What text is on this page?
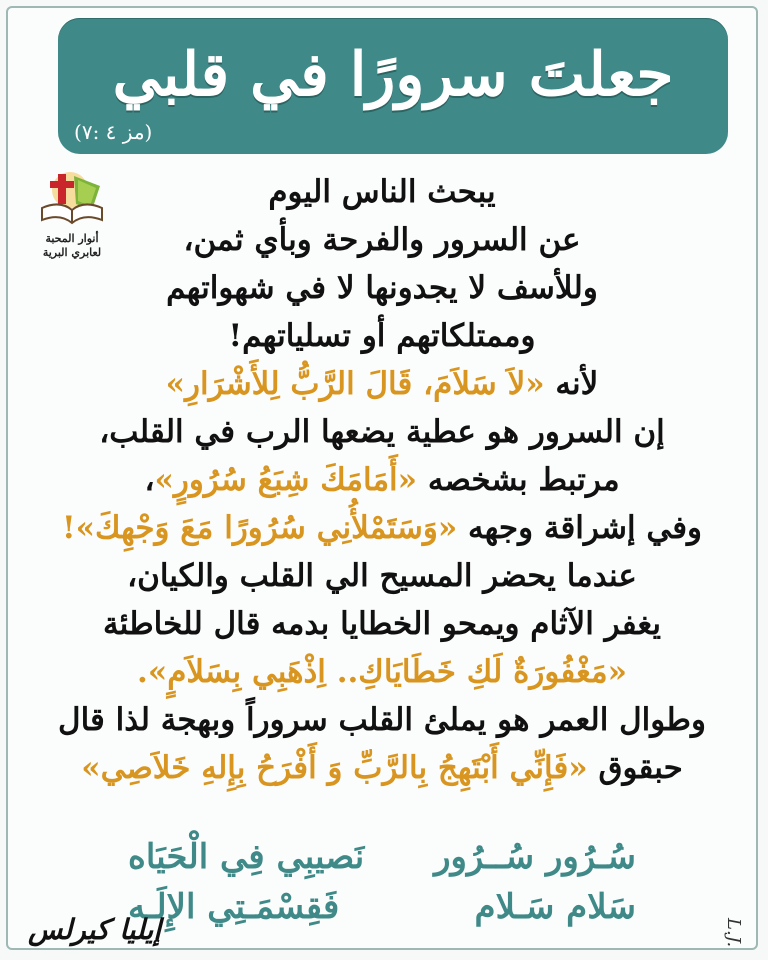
جعلتَ سرورًا في قلبي
(مز ٤ :٧)
أنوار المحبة
لعابري البرية
يبحث الناس اليوم
عن السرور والفرحة وبأي ثمن،
وللأسف لا يجدونها لا في شهواتهم
وممتلكاتهم أو تسلياتهم!
لأنه «لاَ سَلاَمَ، قَالَ الرَّبُّ لِلأَشْرَارِ»
إن السرور هو عطية يضعها الرب في القلب،
مرتبط بشخصه «أَمَامَكَ شِبَعُ سُرُورٍ»،
وفي إشراقة وجهه «وَسَتَمْلأُنِي سُرُورًا مَعَ وَجْهِكَ»!
عندما يحضر المسيح الي القلب والكيان،
يغفر الآثام ويمحو الخطايا بدمه قال للخاطئة
«مَغْفُورَةٌ لَكِ خَطَايَاكِ.. اِذْهَبِي بِسَلاَمٍ».
وطوال العمر هو يملئ القلب سروراً وبهجة لذا قال
حبقوق «فَإِنِّي أَبْتَهِجُ بِالرَّبِّ وَ أَفْرَحُ بِإِلهِ خَلاَصِي»
سُـرُور سُــرُور
نَصيبِي فِي الْحَيَاه
سَلام سَـلام
فَقِسْمَـتِي الإِلَـه
إيليا كيرلس	L.J.
